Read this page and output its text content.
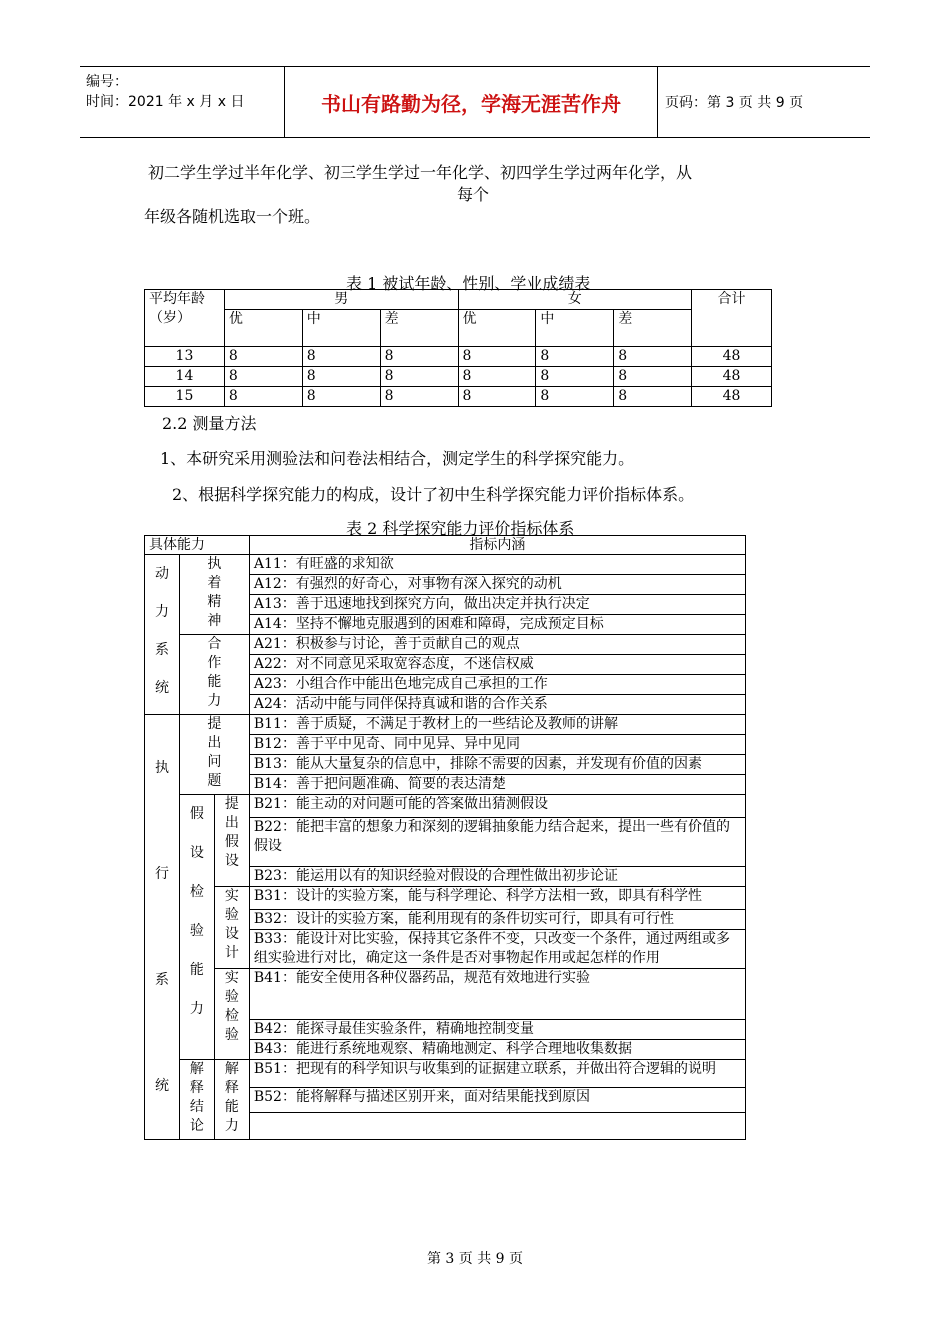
编号：
时间：2021 年 x 月 x 日	书山有路勤为径，学海无涯苦作舟	页码：第 3 页 共 9 页
初二学生学过半年化学、初三学生学过一年化学、初四学生学过两年化学，从
每个
年级各随机选取一个班。
表 1 被试年龄、性别、学业成绩表
平均年龄（岁）	男			女			合计
	优	中	差	优	中	差	
13	8	8	8	8	8	8	48
14	8	8	8	8	8	8	48
15	8	8	8	8	8	8	48
2.2 测量方法
1、本研究采用测验法和问卷法相结合，测定学生的科学探究能力。
2、根据科学探究能力的构成，设计了初中生科学探究能力评价指标体系。
表 2 科学探究能力评价指标体系
具体能力			指标内涵

动力系统	执着精神		A11：有旺盛的求知欲
			A12：有强烈的好奇心，对事物有深入探究的动机
			A13：善于迅速地找到探究方向，做出决定并执行决定
			A14：坚持不懈地克服遇到的困难和障碍，完成预定目标

	合作能力		A21：积极参与讨论，善于贡献自己的观点
			A22：对不同意见采取宽容态度，不迷信权威
			A23：小组合作中能出色地完成自己承担的工作
			A24：活动中能与同伴保持真诚和谐的合作关系

执行系统	提出问题		B11：善于质疑，不满足于教材上的一些结论及教师的讲解
			B12：善于平中见奇、同中见异、异中见同
			B13：能从大量复杂的信息中，排除不需要的因素，并发现有价值的因素
			B14：善于把问题准确、简要的表达清楚

	假设检验能力	提出假设	B21：能主动的对问题可能的答案做出猜测假设
			B22：能把丰富的想象力和深刻的逻辑抽象能力结合起来，提出一些有价值的假设
			B23：能运用以有的知识经验对假设的合理性做出初步论证

		实验设计	B31：设计的实验方案，能与科学理论、科学方法相一致，即具有科学性
			B32：设计的实验方案，能利用现有的条件切实可行，即具有可行性
			B33：能设计对比实验，保持其它条件不变，只改变一个条件，通过两组或多组实验进行对比，确定这一条件是否对事物起作用或起怎样的作用

		实验检验	B41：能安全使用各种仪器药品，规范有效地进行实验
			B42：能探寻最佳实验条件，精确地控制变量
			B43：能进行系统地观察、精确地测定、科学合理地收集数据

	解释结论	解释能力	B51：把现有的科学知识与收集到的证据建立联系，并做出符合逻辑的说明
			B52：能将解释与描述区别开来，面对结果能找到原因

第 3 页 共 9 页
